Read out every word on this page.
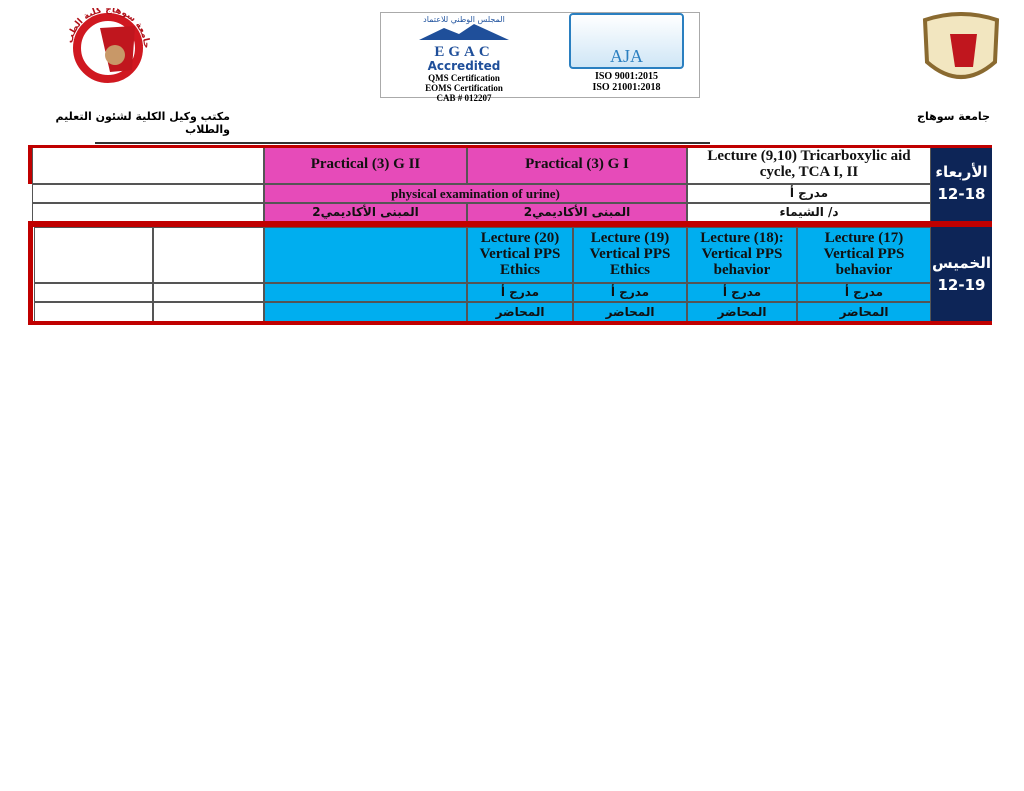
جامعة سوهاج كلية الطب
المجلس الوطني للاعتماد
EGAC
Accredited
QMS Certification
EOMS Certification
CAB # 012207
AJA
ISO 9001:2015
ISO 21001:2018
جامعة سوهاج
مكتب وكيل الكلية لشئون التعليم والطلاب
Practical (3) G II	Practical (3) G I
physical examination of urine)
المبنى الأكاديمي2	المبنى الأكاديمي2
Lecture (9,10) Tricarboxylic aid cycle, TCA I, II
مدرج أ
د/ الشيماء
الأربعاء
12-18
Lecture (17) Vertical PPS behavior
مدرج أ
المحاضر
Lecture (18): Vertical PPS behavior
مدرج أ
المحاضر
Lecture (19) Vertical PPS Ethics
مدرج أ
المحاضر
Lecture (20) Vertical PPS Ethics
مدرج أ
المحاضر
الخميس
12-19
